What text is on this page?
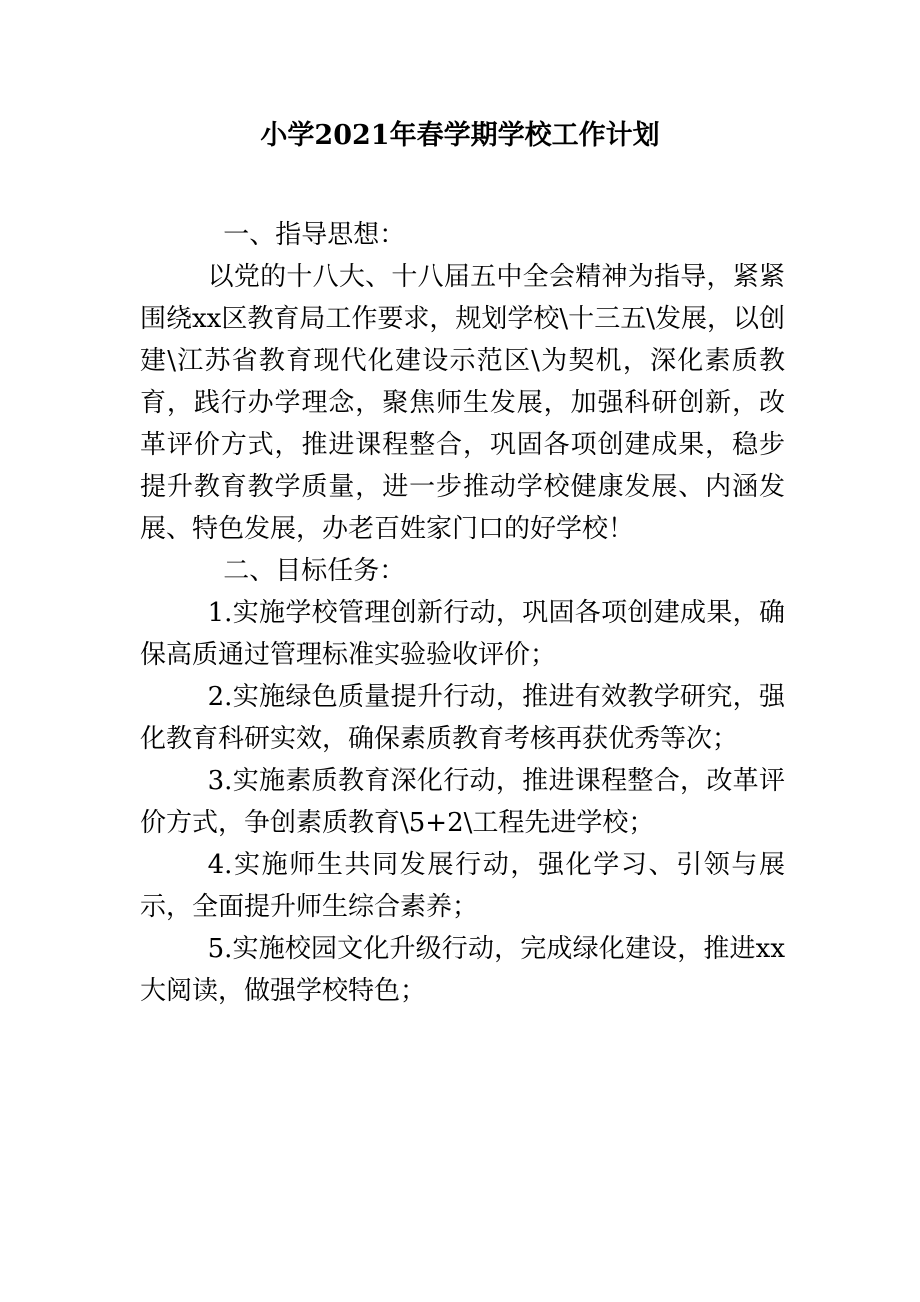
小学2021年春学期学校工作计划

一、指导思想：

以党的十八大、十八届五中全会精神为指导，紧紧围绕xx区教育局工作要求，规划学校\十三五\发展，以创建\江苏省教育现代化建设示范区\为契机，深化素质教育，践行办学理念，聚焦师生发展，加强科研创新，改革评价方式，推进课程整合，巩固各项创建成果，稳步提升教育教学质量，进一步推动学校健康发展、内涵发展、特色发展，办老百姓家门口的好学校！

二、目标任务：

1.实施学校管理创新行动，巩固各项创建成果，确保高质通过管理标准实验验收评价；

2.实施绿色质量提升行动，推进有效教学研究，强化教育科研实效，确保素质教育考核再获优秀等次；

3.实施素质教育深化行动，推进课程整合，改革评价方式，争创素质教育\5+2\工程先进学校；

4.实施师生共同发展行动，强化学习、引领与展示，全面提升师生综合素养；

5.实施校园文化升级行动，完成绿化建设，推进xx大阅读，做强学校特色；
